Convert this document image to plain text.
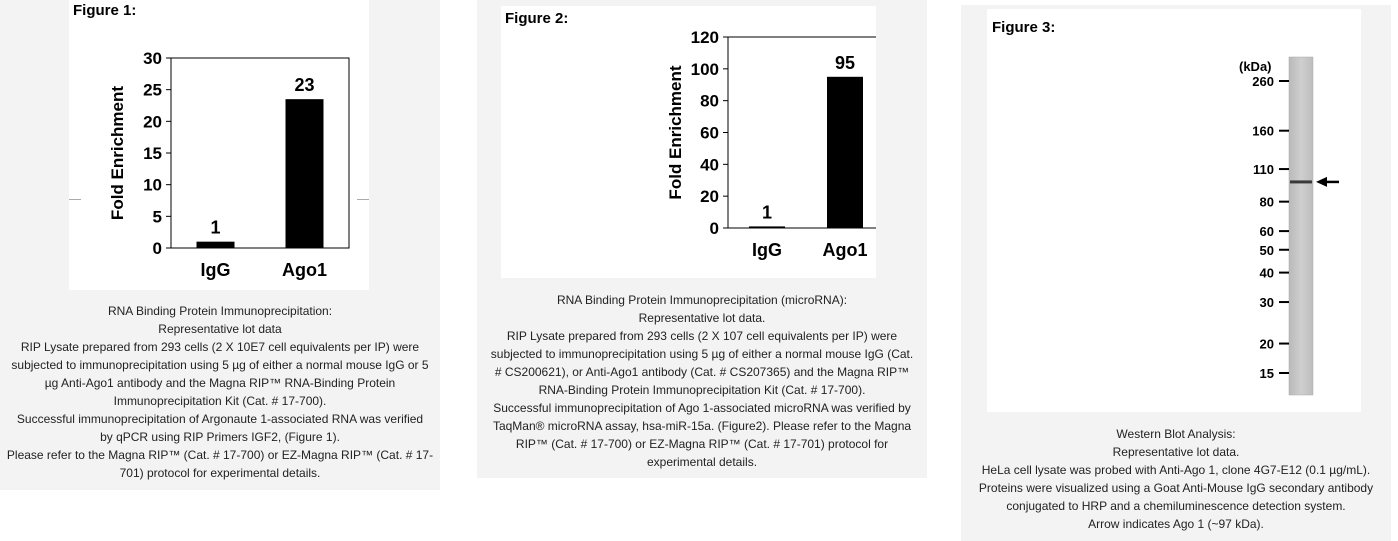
Figure 1:
0
5
10
15
20
25
30
Fold Enrichment
1
IgG
23
Ago1
RNA Binding Protein Immunoprecipitation:
Representative lot data
RIP Lysate prepared from 293 cells (2 X 10E7 cell equivalents per IP) were
subjected to immunoprecipitation using 5 µg of either a normal mouse IgG or 5
µg Anti-Ago1 antibody and the Magna RIP™ RNA-Binding Protein
Immunoprecipitation Kit (Cat. # 17-700).
Successful immunoprecipitation of Argonaute 1-associated RNA was verified
by qPCR using RIP Primers IGF2, (Figure 1).
Please refer to the Magna RIP™ (Cat. # 17-700) or EZ-Magna RIP™ (Cat. # 17-
701) protocol for experimental details.
Figure 2:
0
20
40
60
80
100
120
Fold Enrichment
1
IgG
95
Ago1
RNA Binding Protein Immunoprecipitation (microRNA):
Representative lot data.
RIP Lysate prepared from 293 cells (2 X 107 cell equivalents per IP) were
subjected to immunoprecipitation using 5 µg of either a normal mouse IgG (Cat.
# CS200621), or Anti-Ago1 antibody (Cat. # CS207365) and the Magna RIP™
RNA-Binding Protein Immunoprecipitation Kit (Cat. # 17-700).
Successful immunoprecipitation of Ago 1-associated microRNA was verified by
TaqMan® microRNA assay, hsa-miR-15a. (Figure2). Please refer to the Magna
RIP™ (Cat. # 17-700) or EZ-Magna RIP™ (Cat. # 17-701) protocol for
experimental details.
Figure 3:
(kDa)
260
160
110
80
60
50
40
30
20
15
Western Blot Analysis:
Representative lot data.
HeLa cell lysate was probed with Anti-Ago 1, clone 4G7-E12 (0.1 µg/mL).
Proteins were visualized using a Goat Anti-Mouse IgG secondary antibody
conjugated to HRP and a chemiluminescence detection system.
Arrow indicates Ago 1 (~97 kDa).
